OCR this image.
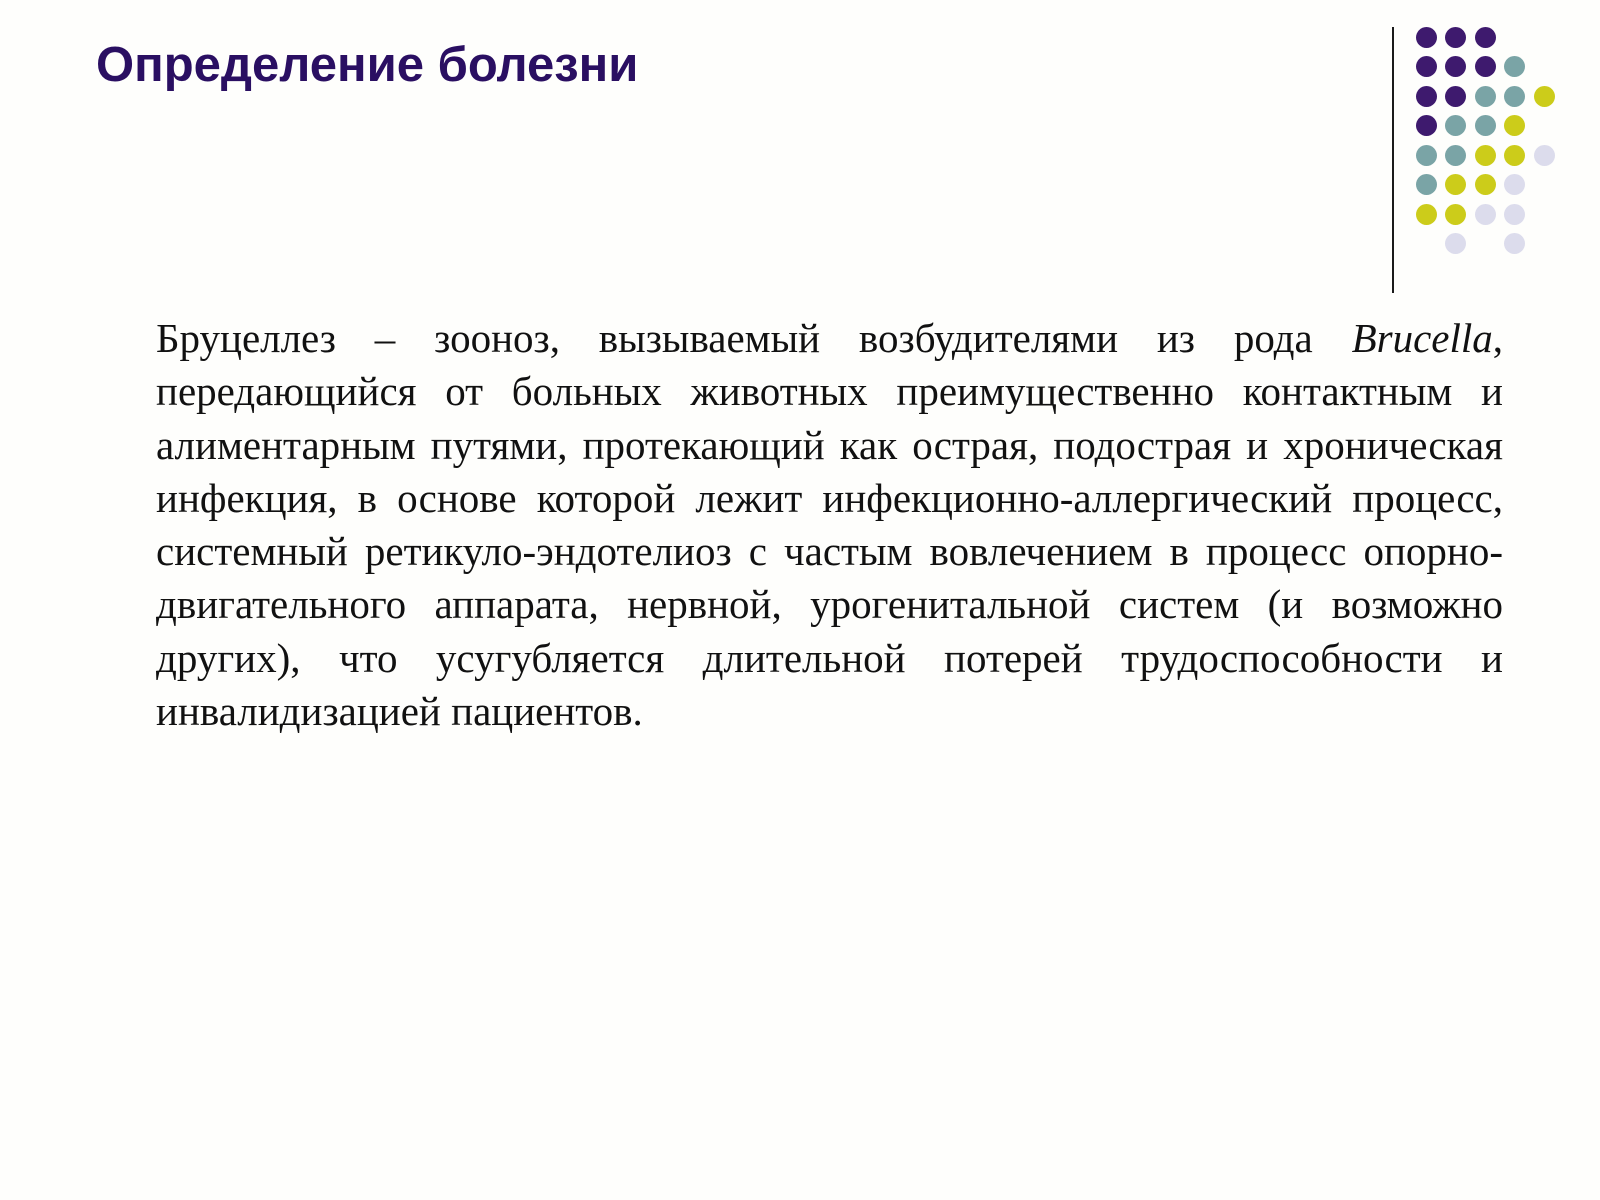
Определение болезни

Бруцеллез – зооноз, вызываемый возбудителями из рода Brucella, передающийся от больных животных преимущественно контактным и алиментарным путями, протекающий как острая, подострая и хроническая инфекция, в основе которой лежит инфекционно-аллергический процесс, системный ретикуло-эндотелиоз с частым вовлечением в процесс опорно-двигательного аппарата, нервной, урогенитальной систем (и возможно других), что усугубляется длительной потерей трудоспособности и инвалидизацией пациентов.
